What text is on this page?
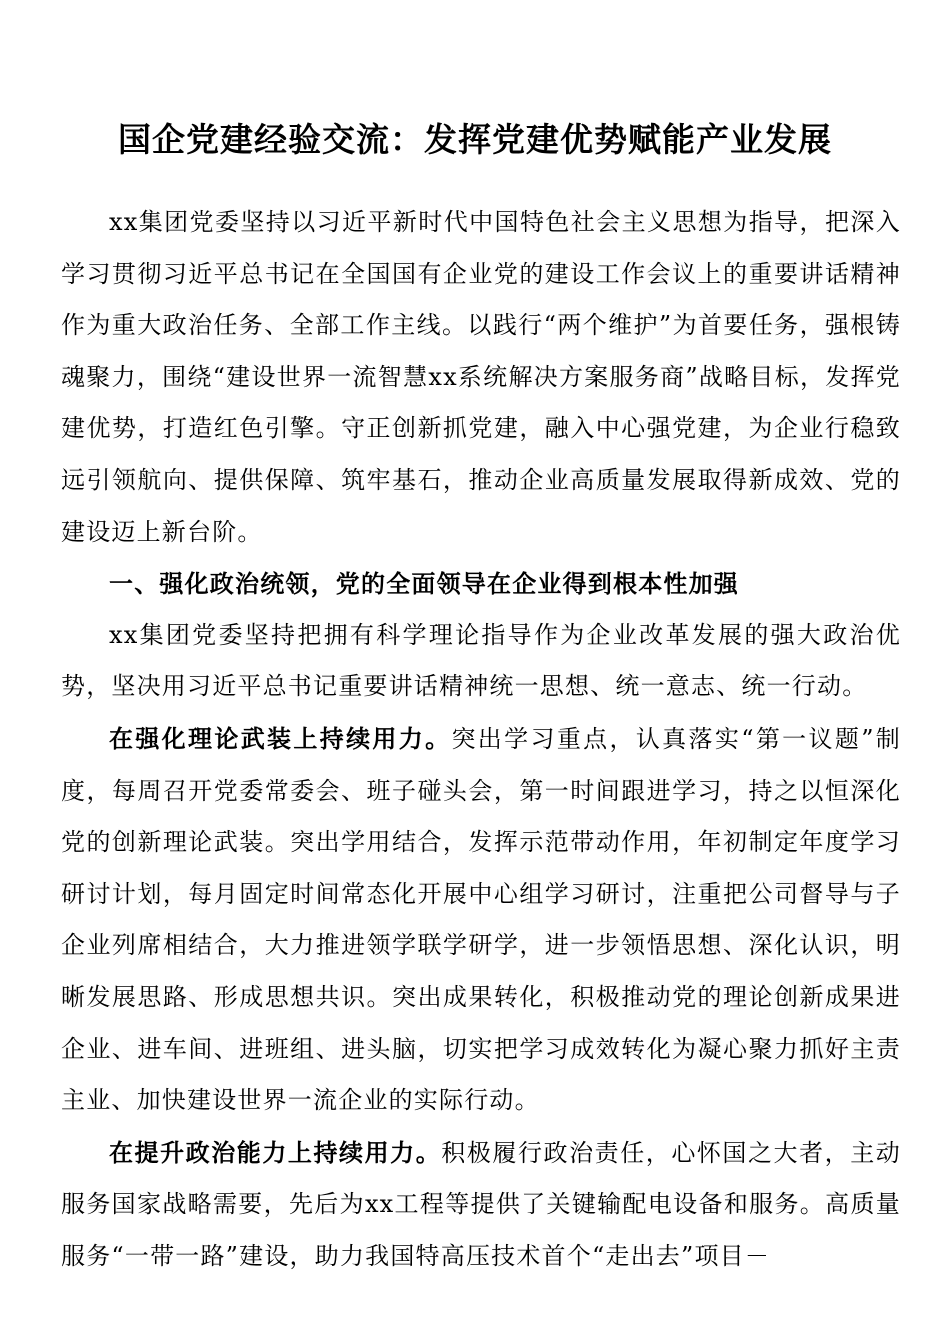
国企党建经验交流：发挥党建优势赋能产业发展

xx集团党委坚持以习近平新时代中国特色社会主义思想为指导，把深入学习贯彻习近平总书记在全国国有企业党的建设工作会议上的重要讲话精神作为重大政治任务、全部工作主线。以践行“两个维护”为首要任务，强根铸魂聚力，围绕“建设世界一流智慧xx系统解决方案服务商”战略目标，发挥党建优势，打造红色引擎。守正创新抓党建，融入中心强党建，为企业行稳致远引领航向、提供保障、筑牢基石，推动企业高质量发展取得新成效、党的建设迈上新台阶。

一、强化政治统领，党的全面领导在企业得到根本性加强

xx集团党委坚持把拥有科学理论指导作为企业改革发展的强大政治优势，坚决用习近平总书记重要讲话精神统一思想、统一意志、统一行动。

在强化理论武装上持续用力。突出学习重点，认真落实“第一议题”制度，每周召开党委常委会、班子碰头会，第一时间跟进学习，持之以恒深化党的创新理论武装。突出学用结合，发挥示范带动作用，年初制定年度学习研讨计划，每月固定时间常态化开展中心组学习研讨，注重把公司督导与子企业列席相结合，大力推进领学联学研学，进一步领悟思想、深化认识，明晰发展思路、形成思想共识。突出成果转化，积极推动党的理论创新成果进企业、进车间、进班组、进头脑，切实把学习成效转化为凝心聚力抓好主责主业、加快建设世界一流企业的实际行动。

在提升政治能力上持续用力。积极履行政治责任，心怀国之大者，主动服务国家战略需要，先后为xx工程等提供了关键输配电设备和服务。高质量服务“一带一路”建设，助力我国特高压技术首个“走出去”项目－
